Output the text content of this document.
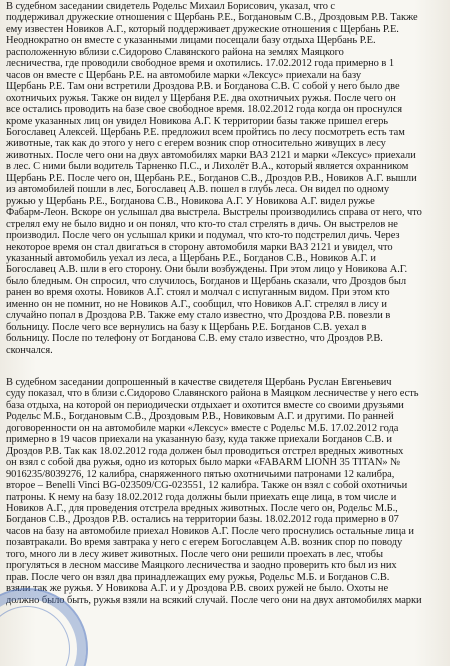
В судебном заседании свидетель Родельс Михаил Борисович, указал, что с
поддерживал дружеские отношения с Щербань Р.Е., Богдановым С.В., Дроздовым Р.В. Также
ему известен Новиков А.Г., который поддерживает дружеские отношения с Щербань Р.Е.
Неоднократно он вместе с указанными лицами посещали базу отдыха Щербань Р.Е.
расположенную вблизи с.Сидорово Славянского района на землях Маяцкого
лесничества, где проводили свободное время и охотились. 17.02.2012 года примерно в 1
часов он вместе с Щербань Р.Е. на автомобиле марки «Лексус» приехали на базу
Щербань Р.Е. Там они встретили Дроздова Р.В. и Богданова С.В. С собой у него было две
охотничьих ружья. Также он видел у Щербаня Р.Е. два охотничьих ружья. После чего он
все остались проводить на базе свое свободное время. 18.02.2012 года когда он проснулся
кроме указанных лиц он увидел Новикова А.Г. К территории базы также пришел егерь
Богославец Алексей. Щербань Р.Е. предложил всем пройтись по лесу посмотреть есть там
животные, так как до этого у него с егерем возник спор относительно живущих в лесу
животных. После чего они на двух автомобилях марки ВАЗ 2121 и марки «Лексус» приехали
в лес. С ними были водитель Тарненко П.С., и Лихолёт В.А., который является охранником
Щербань Р.Е. После чего он, Щербань Р.Е., Богданов С.В., Дроздов Р.В., Новиков А.Г. вышли
из автомобилей пошли в лес, Богославец А.В. пошел в глубь леса. Он видел по одному
ружью у Щербань Р.Е., Богданова С.В., Новикова А.Г. У Новикова А.Г. видел ружье
Фабарм-Леон. Вскоре он услышал два выстрела. Выстрелы производились справа от него, что
стрелял ему не было видно и он понял, что кто-то стал стрелять в дичь. Он выстрелов не
производил. После чего он услышал крики и подумал, что кто-то подстрелил дичь. Через
некоторое время он стал двигаться в сторону автомобиля марки ВАЗ 2121 и увидел, что
указанный автомобиль уехал из леса, а Щербань Р.Е., Богданов С.В., Новиков А.Г. и
Богославец А.В. шли в его сторону. Они были возбуждены. При этом лицо у Новикова А.Г.
было бледным. Он спросил, что случилось, Богданов и Щербань сказали, что Дроздов был
ранен во время охоты. Новиков А.Г. стоял и молчал с испуганным видом. При этом кто
именно он не помнит, но не Новиков А.Г., сообщил, что Новиков А.Г. стрелял в лису и
случайно попал в Дроздова Р.В. Также ему стало известно, что Дроздова Р.В. повезли в
больницу. После чего все вернулись на базу к Щербань Р.Е. Богданов С.В. уехал в
больницу. После по телефону от Богданова С.В. ему стало известно, что Дроздов Р.В.
скончался.
В судебном заседании допрошенный в качестве свидетеля Щербань Руслан Евгеньевич
суду показал, что в близи с.Сидорово Славянского района в Маяцком лесничестве у него есть
база отдыха, на которой он периодически отдыхает и охотится вместе со своими друзьями
Родельс М.Б., Богдановым С.В., Дроздовым Р.В., Новиковым А.Г. и другими. По ранней
договоренности он на автомобиле марки «Лексус» вместе с Родельс М.Б. 17.02.2012 года
примерно в 19 часов приехали на указанную базу, куда также приехали Богданов С.В. и
Дроздов Р.В. Так как 18.02.2012 года должен был проводиться отстрел вредных животных
он взял с собой два ружья, одно из которых было марки «FABARM LIONH 35 TITAN» №
9016235/8039276, 12 калибра, снаряженного пятью охотничьими патронами 12 калибра,
второе – Benelli Vinci BG-023509/CG-023551, 12 калибра. Также он взял с собой охотничьи
патроны. К нему на базу 18.02.2012 года должны были приехать еще лица, в том числе и
Новиков А.Г., для проведения отстрела вредных животных. После чего он, Родельс М.Б.,
Богданов С.В., Дроздов Р.В. остались на территории базы. 18.02.2012 года примерно в 07
часов на базу на автомобиле приехал Новиков А.Г. После чего проснулись остальные лица и
позавтракали. Во время завтрака у него с егерем Богославцем А.В. возник спор по поводу
того, много ли в лесу живет животных. После чего они решили проехать в лес, чтобы
прогуляться в лесном массиве Маяцкого лесничества и заодно проверить кто был из них
прав. После чего он взял два принадлежащих ему ружья, Родельс М.Б. и Богданов С.В.
взяли так же ружья. У Новикова А.Г. и у Дроздова Р.В. своих ружей не было. Охоты не
должно было быть, ружья взяли на всякий случай. После чего они на двух автомобилях марки
